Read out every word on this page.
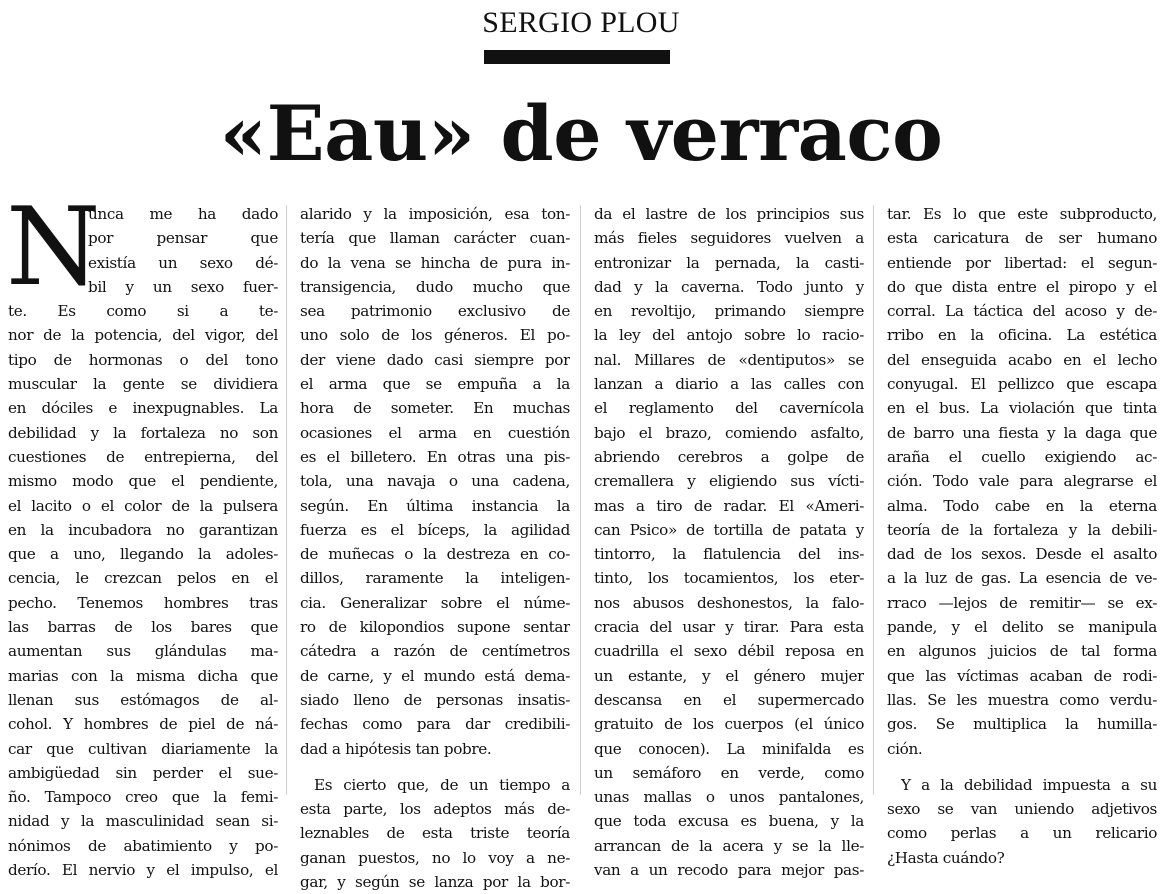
SERGIO PLOU
«Eau» de verraco
N
unca me ha dado
por pensar que
existía un sexo dé-
bil y un sexo fuer-
te. Es como si a te-
nor de la potencia, del vigor, del
tipo de hormonas o del tono
muscular la gente se dividiera
en dóciles e inexpugnables. La
debilidad y la fortaleza no son
cuestiones de entrepierna, del
mismo modo que el pendiente,
el lacito o el color de la pulsera
en la incubadora no garantizan
que a uno, llegando la adoles-
cencia, le crezcan pelos en el
pecho. Tenemos hombres tras
las barras de los bares que
aumentan sus glándulas ma-
marias con la misma dicha que
llenan sus estómagos de al-
cohol. Y hombres de piel de ná-
car que cultivan diariamente la
ambigüedad sin perder el sue-
ño. Tampoco creo que la femi-
nidad y la masculinidad sean si-
nónimos de abatimiento y po-
derío. El nervio y el impulso, el
alarido y la imposición, esa ton-
tería que llaman carácter cuan-
do la vena se hincha de pura in-
transigencia, dudo mucho que
sea patrimonio exclusivo de
uno solo de los géneros. El po-
der viene dado casi siempre por
el arma que se empuña a la
hora de someter. En muchas
ocasiones el arma en cuestión
es el billetero. En otras una pis-
tola, una navaja o una cadena,
según. En última instancia la
fuerza es el bíceps, la agilidad
de muñecas o la destreza en co-
dillos, raramente la inteligen-
cia. Generalizar sobre el núme-
ro de kilopondios supone sentar
cátedra a razón de centímetros
de carne, y el mundo está dema-
siado lleno de personas insatis-
fechas como para dar credibili-
dad a hipótesis tan pobre.
Es cierto que, de un tiempo a
esta parte, los adeptos más de-
leznables de esta triste teoría
ganan puestos, no lo voy a ne-
gar, y según se lanza por la bor-
da el lastre de los principios sus
más fieles seguidores vuelven a
entronizar la pernada, la casti-
dad y la caverna. Todo junto y
en revoltijo, primando siempre
la ley del antojo sobre lo racio-
nal. Millares de «dentiputos» se
lanzan a diario a las calles con
el reglamento del cavernícola
bajo el brazo, comiendo asfalto,
abriendo cerebros a golpe de
cremallera y eligiendo sus vícti-
mas a tiro de radar. El «Ameri-
can Psico» de tortilla de patata y
tintorro, la flatulencia del ins-
tinto, los tocamientos, los eter-
nos abusos deshonestos, la falo-
cracia del usar y tirar. Para esta
cuadrilla el sexo débil reposa en
un estante, y el género mujer
descansa en el supermercado
gratuito de los cuerpos (el único
que conocen). La minifalda es
un semáforo en verde, como
unas mallas o unos pantalones,
que toda excusa es buena, y la
arrancan de la acera y se la lle-
van a un recodo para mejor pas-
tar. Es lo que este subproducto,
esta caricatura de ser humano
entiende por libertad: el segun-
do que dista entre el piropo y el
corral. La táctica del acoso y de-
rribo en la oficina. La estética
del enseguida acabo en el lecho
conyugal. El pellizco que escapa
en el bus. La violación que tinta
de barro una fiesta y la daga que
araña el cuello exigiendo ac-
ción. Todo vale para alegrarse el
alma. Todo cabe en la eterna
teoría de la fortaleza y la debili-
dad de los sexos. Desde el asalto
a la luz de gas. La esencia de ve-
rraco —lejos de remitir— se ex-
pande, y el delito se manipula
en algunos juicios de tal forma
que las víctimas acaban de rodi-
llas. Se les muestra como verdu-
gos. Se multiplica la humilla-
ción.
Y a la debilidad impuesta a su
sexo se van uniendo adjetivos
como perlas a un relicario
¿Hasta cuándo?
